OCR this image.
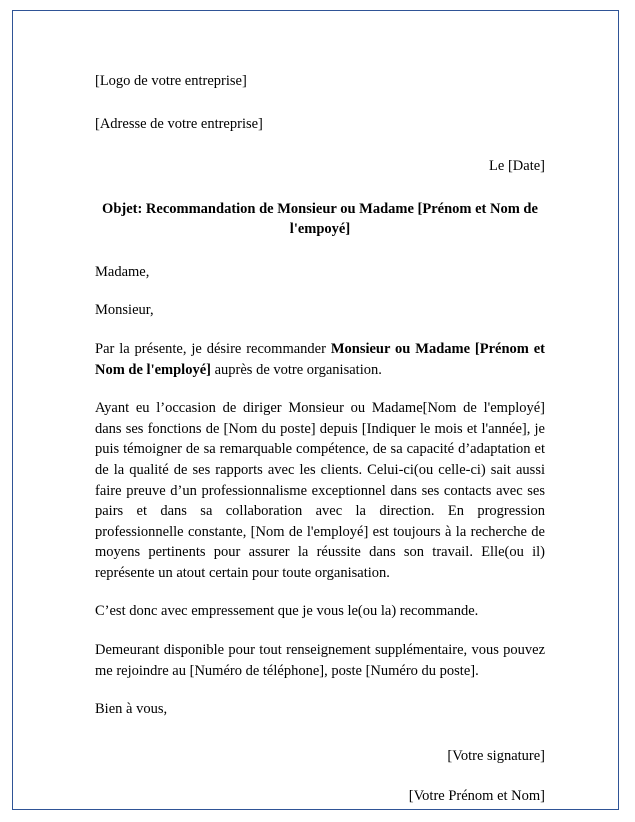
[Logo de votre entreprise]

[Adresse de votre entreprise]

Le [Date]

Objet: Recommandation de Monsieur ou Madame [Prénom et Nom de l'empoyé]

Madame,

Monsieur,

Par la présente, je désire recommander Monsieur ou Madame [Prénom et Nom de l'employé] auprès de votre organisation.

Ayant eu l’occasion de diriger Monsieur ou Madame[Nom de l'employé] dans ses fonctions de [Nom du poste] depuis [Indiquer le mois et l'année], je puis témoigner de sa remarquable compétence, de sa capacité d’adaptation et de la qualité de ses rapports avec les clients. Celui-ci(ou celle-ci) sait aussi faire preuve d’un professionnalisme exceptionnel dans ses contacts avec ses pairs et dans sa collaboration avec la direction. En progression professionnelle constante, [Nom de l'employé] est toujours à la recherche de moyens pertinents pour assurer la réussite dans son travail. Elle(ou il) représente un atout certain pour toute organisation.

C’est donc avec empressement que je vous le(ou la) recommande.

Demeurant disponible pour tout renseignement supplémentaire, vous pouvez me rejoindre au [Numéro de téléphone], poste [Numéro du poste].

Bien à vous,

[Votre signature]

[Votre Prénom et Nom]
